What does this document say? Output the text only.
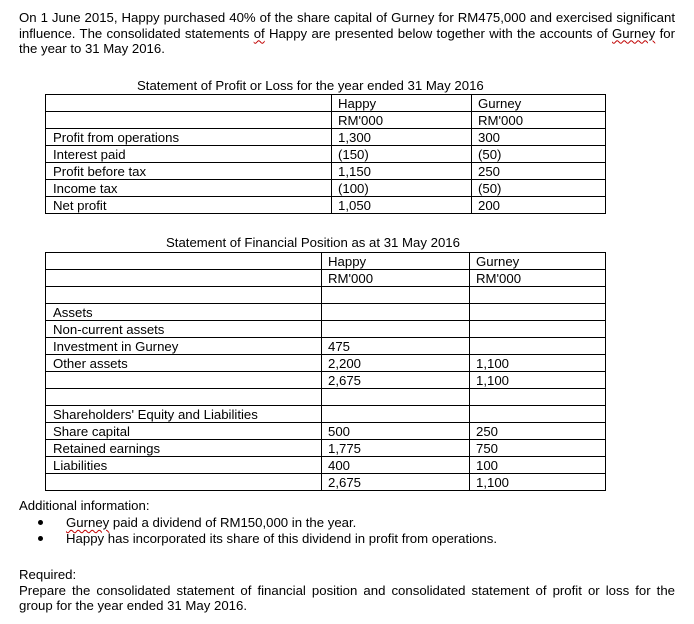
On 1 June 2015, Happy purchased 40% of the share capital of Gurney for RM475,000 and exercised significant influence. The consolidated statements of Happy are presented below together with the accounts of Gurney for the year to 31 May 2016.
Statement of Profit or Loss for the year ended 31 May 2016
	Happy	Gurney
	RM'000	RM'000
Profit from operations	1,300	300
Interest paid	(150)	(50)
Profit before tax	1,150	250
Income tax	(100)	(50)
Net profit	1,050	200
Statement of Financial Position as at 31 May 2016
	Happy	Gurney
	RM'000	RM'000

Assets		
Non-current assets		
Investment in Gurney	475	
Other assets	2,200	1,100
	2,675	1,100

Shareholders' Equity and Liabilities		
Share capital	500	250
Retained earnings	1,775	750
Liabilities	400	100
	2,675	1,100
Additional information:
Gurney paid a dividend of RM150,000 in the year.
Happy has incorporated its share of this dividend in profit from operations.
Required:
Prepare the consolidated statement of financial position and consolidated statement of profit or loss for the group for the year ended 31 May 2016.
